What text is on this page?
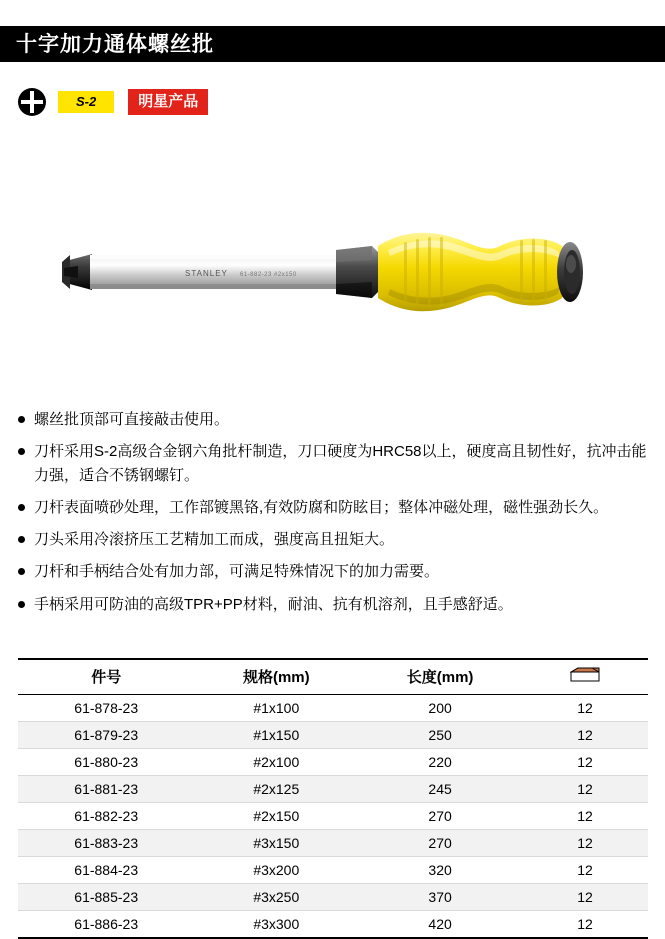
十字加力通体螺丝批
S-2	明星产品
STANLEY 61-882-23 #2x150
螺丝批顶部可直接敲击使用。
刀杆采用S-2高级合金钢六角批杆制造，刀口硬度为HRC58以上，硬度高且韧性好，抗冲击能力强，适合不锈钢螺钉。
刀杆表面喷砂处理，工作部镀黑铬,有效防腐和防眩目；整体冲磁处理，磁性强劲长久。
刀头采用冷滚挤压工艺精加工而成，强度高且扭矩大。
刀杆和手柄结合处有加力部，可满足特殊情况下的加力需要。
手柄采用可防油的高级TPR+PP材料，耐油、抗有机溶剂，且手感舒适。
件号	规格(mm)	长度(mm)	
61-878-23	#1x100	200	12
61-879-23	#1x150	250	12
61-880-23	#2x100	220	12
61-881-23	#2x125	245	12
61-882-23	#2x150	270	12
61-883-23	#3x150	270	12
61-884-23	#3x200	320	12
61-885-23	#3x250	370	12
61-886-23	#3x300	420	12
